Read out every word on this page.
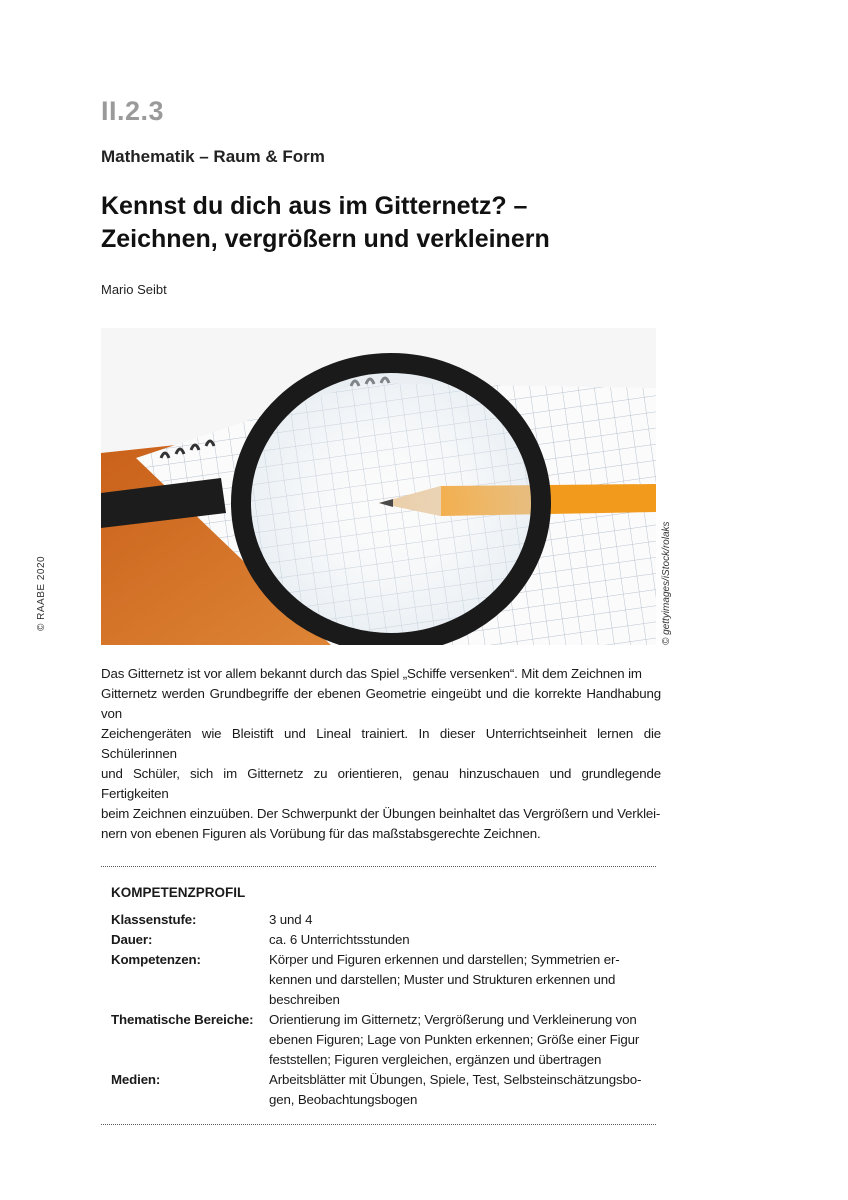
II.2.3
Mathematik – Raum & Form
Kennst du dich aus im Gitternetz? –
Zeichnen, vergrößern und verkleinern
Mario Seibt
© gettyimages/iStock/rolaks
© RAABE 2020
Das Gitternetz ist vor allem bekannt durch das Spiel „Schiffe versenken“. Mit dem Zeichnen im
Gitternetz werden Grundbegriffe der ebenen Geometrie eingeübt und die korrekte Handhabung von
Zeichengeräten wie Bleistift und Lineal trainiert. In dieser Unterrichtseinheit lernen die Schülerinnen
und Schüler, sich im Gitternetz zu orientieren, genau hinzuschauen und grundlegende Fertigkeiten
beim Zeichnen einzuüben. Der Schwerpunkt der Übungen beinhaltet das Vergrößern und Verklei-
nern von ebenen Figuren als Vorübung für das maßstabsgerechte Zeichnen.
KOMPETENZPROFIL
Klassenstufe:	3 und 4
Dauer:	ca. 6 Unterrichtsstunden
Kompetenzen:	Körper und Figuren erkennen und darstellen; Symmetrien er-
kennen und darstellen; Muster und Strukturen erkennen und
beschreiben
Thematische Bereiche:	Orientierung im Gitternetz; Vergrößerung und Verkleinerung von
ebenen Figuren; Lage von Punkten erkennen; Größe einer Figur
feststellen; Figuren vergleichen, ergänzen und übertragen
Medien:	Arbeitsblätter mit Übungen, Spiele, Test, Selbsteinschätzungsbo-
gen, Beobachtungsbogen
